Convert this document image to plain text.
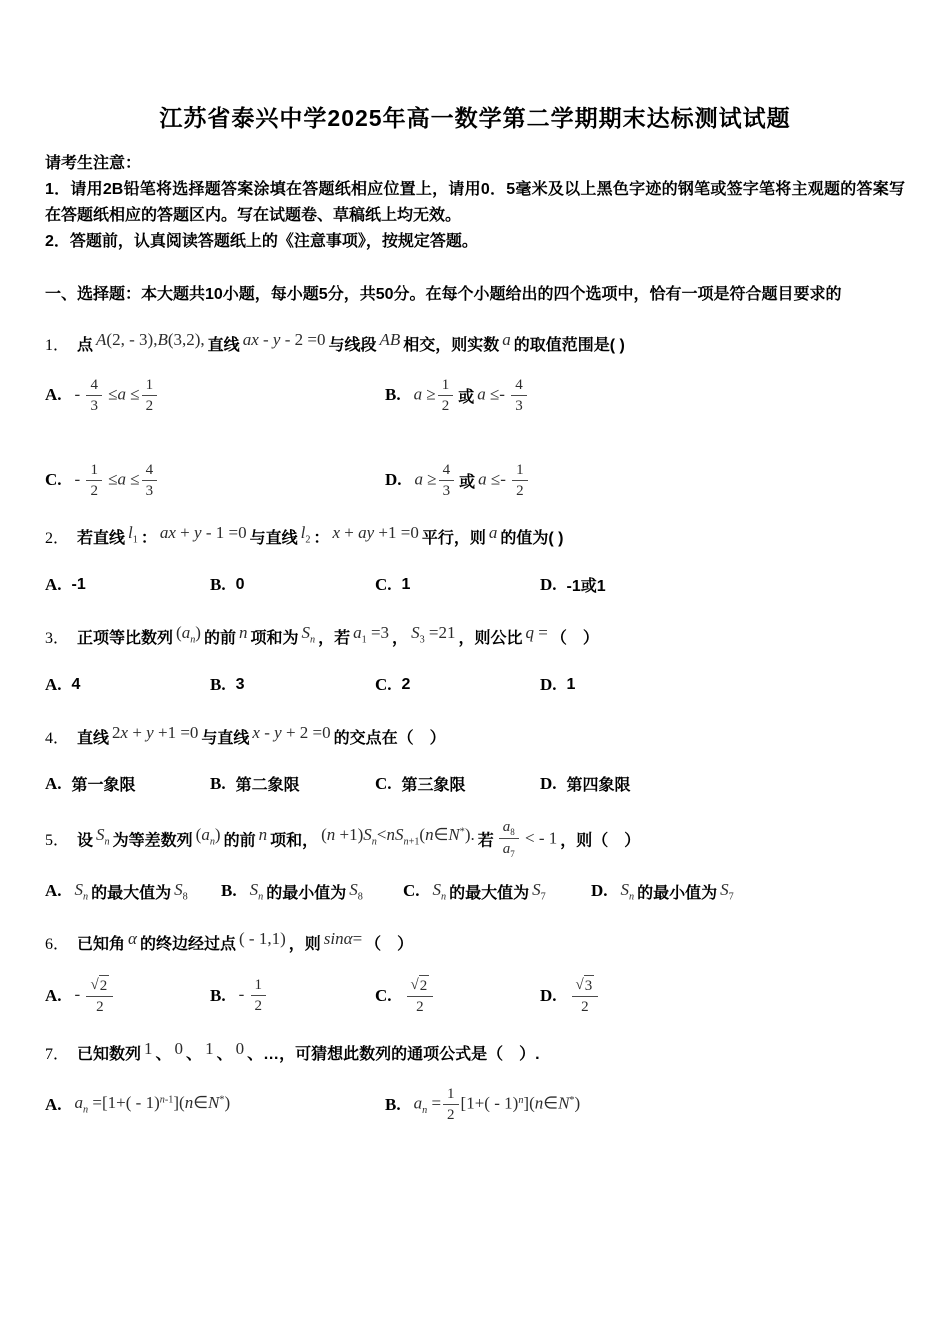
江苏省泰兴中学2025年高一数学第二学期期末达标测试试题
请考生注意：
1．请用2B铅笔将选择题答案涂填在答题纸相应位置上，请用0．5毫米及以上黑色字迹的钢笔或签字笔将主观题的答案写在答题纸相应的答题区内。写在试题卷、草稿纸上均无效。
2．答题前，认真阅读答题纸上的《注意事项》，按规定答题。
一、选择题：本大题共10小题，每小题5分，共50分。在每个小题给出的四个选项中，恰有一项是符合题目要求的
1． 点 A(2, - 3),B(3,2), 直线 ax - y - 2 =0 与线段 AB 相交，则实数 a 的取值范围是( )
A. - $\frac{4}{3} \le a \le \frac{1}{2}$	B. $a \ge \frac{1}{2}$ 或 $a \le- \frac{4}{3}$
C. - $\frac{1}{2} \le a \le \frac{4}{3}$	D. $a \ge \frac{4}{3}$ 或 $a \le- \frac{1}{2}$
2． 若直线 $l_1$ ： ax + y - 1 =0 与直线 $l_2$ ： x + ay +1 =0 平行，则 a 的值为( )
A. -1	B. 0	C. 1	D. -1或1
3． 正项等比数列 $(a_n)$ 的前 n 项和为 $S_n$ ，若 $a_1 =3$ ， $S_3 =21$ ，则公比 q = （　）
A. 4	B. 3	C. 2	D. 1
4． 直线 2x + y +1 =0 与直线 x - y + 2 =0 的交点在（　）
A. 第一象限	B. 第二象限	C. 第三象限	D. 第四象限
5． 设 $S_n$ 为等差数列 $(a_n)$ 的前 n 项和， $(n +1)S_n<nS_{n+1}(n\in N^*)$. 若 $\frac{a_8}{a_7}$ < - 1 ，则（　）
A. $S_n$ 的最大值为 $S_8$ B. $S_n$ 的最小值为 $S_8$ C. $S_n$ 的最大值为 $S_7$	D. $S_n$ 的最小值为 $S_7$
6． 已知角 α 的终边经过点 ( - 1,1) ，则 sinα= （　）
A. - $\frac{√ 2}{2}$	B. - $\frac{1}{2}$	C. $\frac{√ 2}{2}$	D. $\frac{√ 3}{2}$
7． 已知数列 1 、 0 、 1 、 0 、…，可猜想此数列的通项公式是（　）.
A. $a_n =[1+$( - 1)$^{n-1}$](n∈N*)	B. $a_n = \frac{1}{2} [1+$( - 1)$^n$](n∈N*)
